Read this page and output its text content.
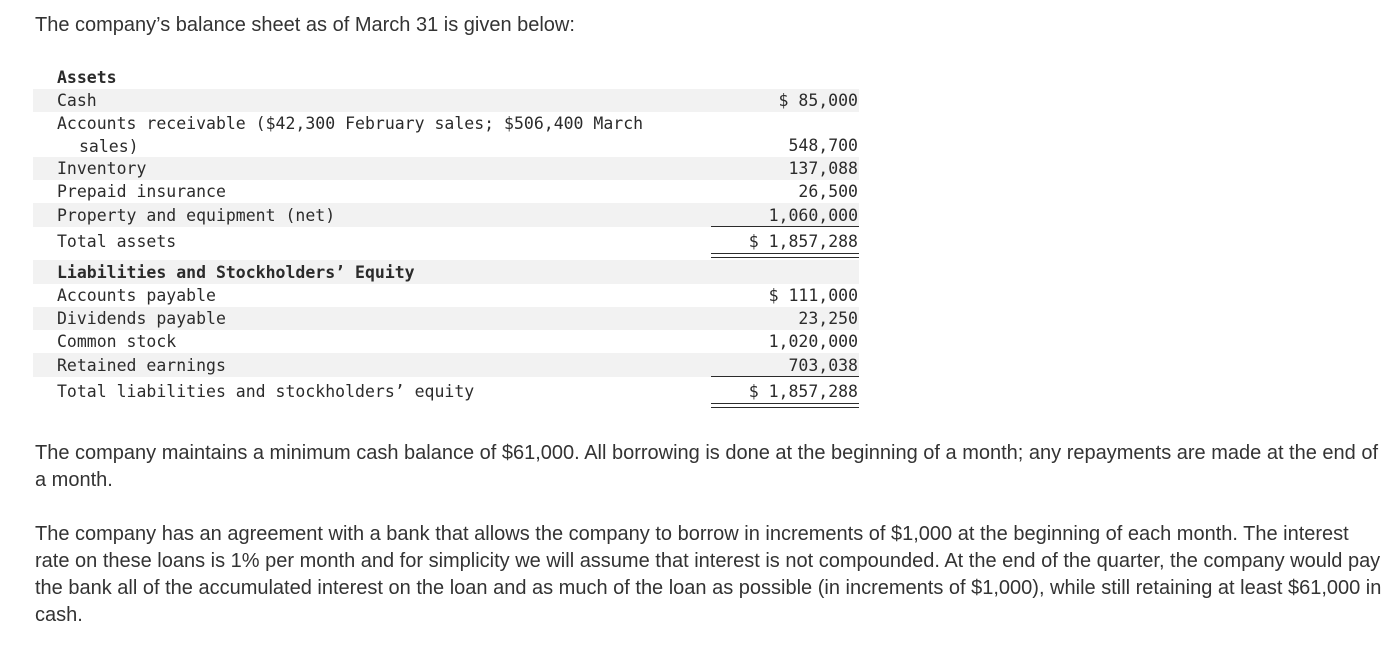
The company’s balance sheet as of March 31 is given below:

Assets
Cash	$ 85,000
Accounts receivable ($42,300 February sales; $506,400 March
sales)	548,700
Inventory	137,088
Prepaid insurance	26,500
Property and equipment (net)	1,060,000
Total assets	$ 1,857,288
Liabilities and Stockholders’ Equity
Accounts payable	$ 111,000
Dividends payable	23,250
Common stock	1,020,000
Retained earnings	703,038
Total liabilities and stockholders’ equity	$ 1,857,288

The company maintains a minimum cash balance of $61,000. All borrowing is done at the beginning of a month; any repayments are made at the end of a month.

The company has an agreement with a bank that allows the company to borrow in increments of $1,000 at the beginning of each month. The interest rate on these loans is 1% per month and for simplicity we will assume that interest is not compounded. At the end of the quarter, the company would pay the bank all of the accumulated interest on the loan and as much of the loan as possible (in increments of $1,000), while still retaining at least $61,000 in cash.
